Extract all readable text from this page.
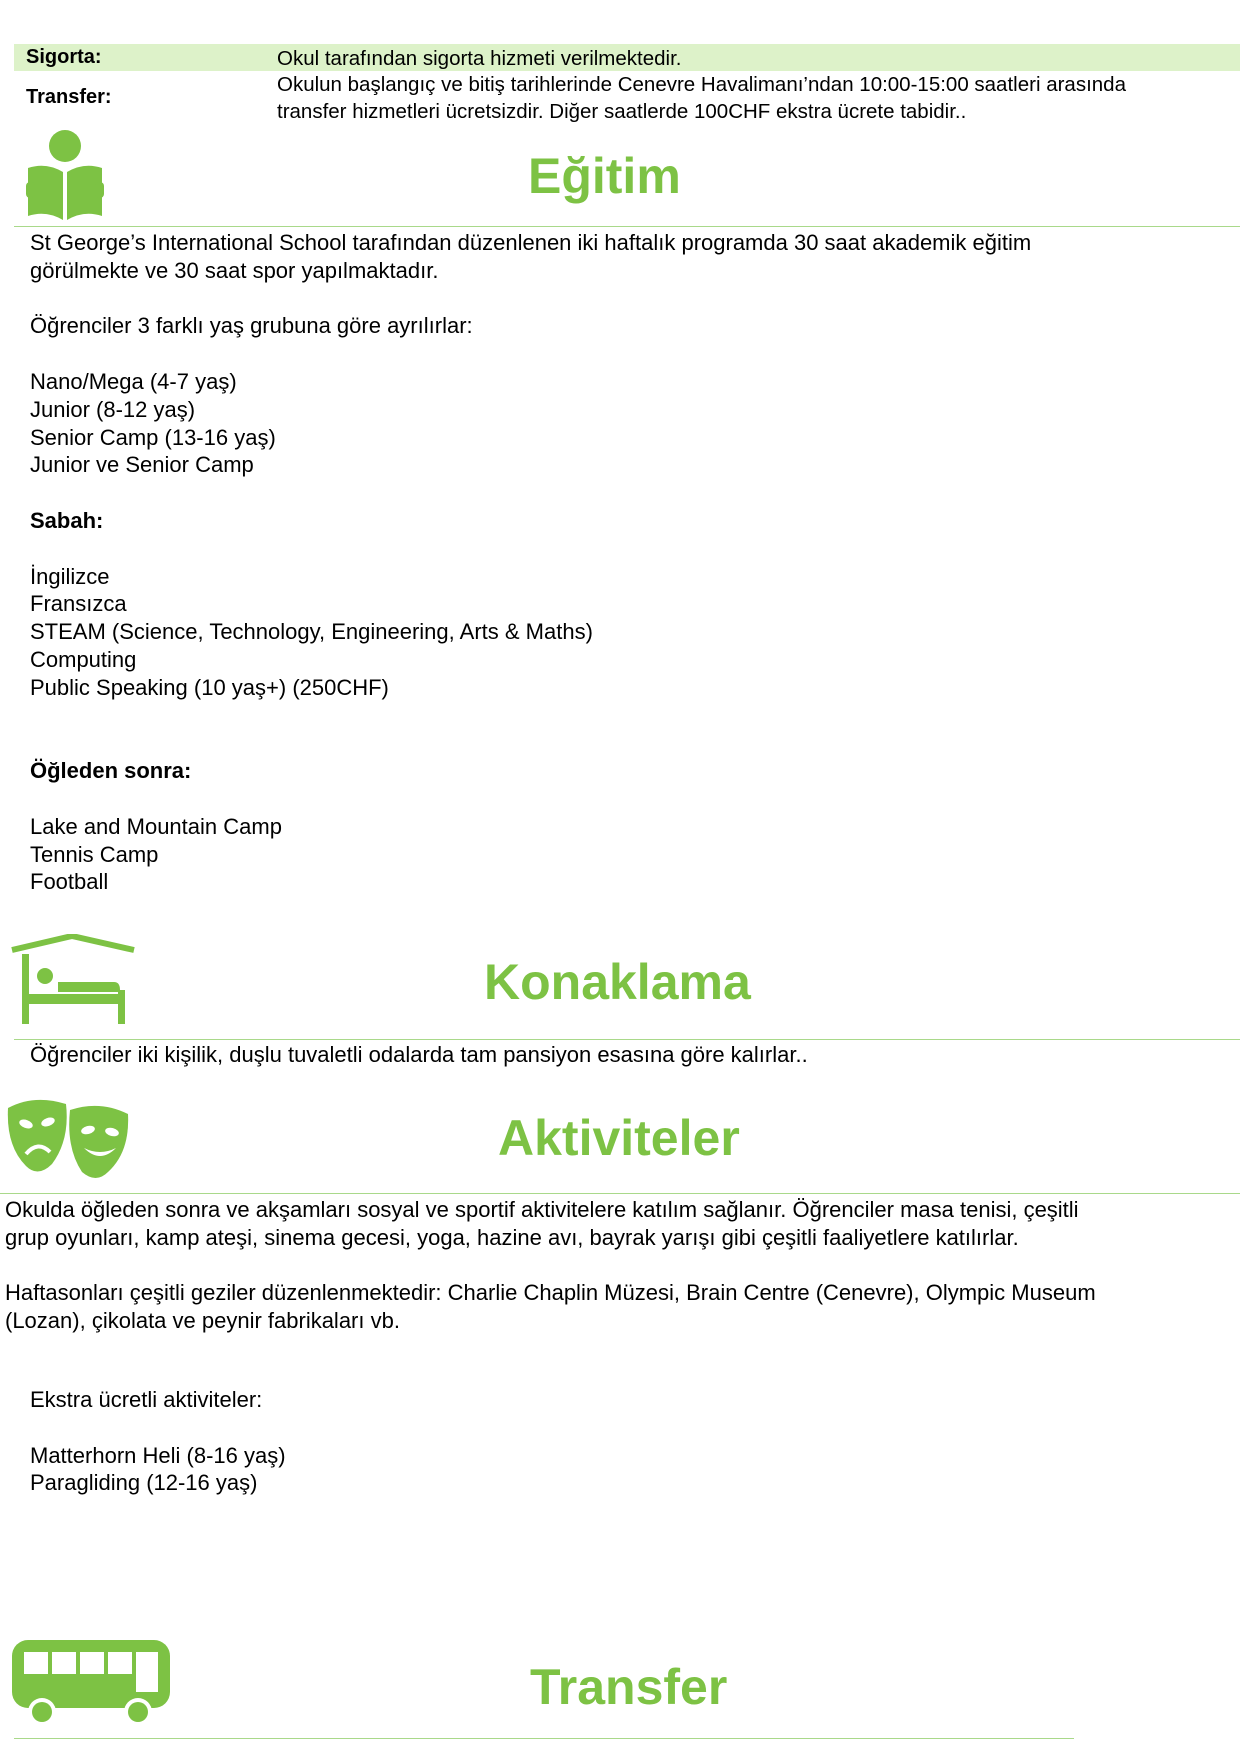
Sigorta:	Okul tarafından sigorta hizmeti verilmektedir.
Transfer:
Okulun başlangıç ve bitiş tarihlerinde Cenevre Havalimanı’ndan 10:00-15:00 saatleri arasında
transfer hizmetleri ücretsizdir. Diğer saatlerde 100CHF ekstra ücrete tabidir..
Eğitim

St George’s International School tarafından düzenlenen iki haftalık programda 30 saat akademik eğitim

görülmekte ve 30 saat spor yapılmaktadır.

Öğrenciler 3 farklı yaş grubuna göre ayrılırlar:

Nano/Mega (4-7 yaş)

Junior (8-12 yaş)

Senior Camp (13-16 yaş)

Junior ve Senior Camp

Sabah:

İngilizce

Fransızca

STEAM (Science, Technology, Engineering, Arts & Maths)

Computing

Public Speaking (10 yaş+) (250CHF)

Öğleden sonra:

Lake and Mountain Camp

Tennis Camp

Football

Konaklama
Öğrenciler iki kişilik, duşlu tuvaletli odalarda tam pansiyon esasına göre kalırlar..
Aktiviteler

Okulda öğleden sonra ve akşamları sosyal ve sportif aktivitelere katılım sağlanır. Öğrenciler masa tenisi, çeşitli

grup oyunları, kamp ateşi, sinema gecesi, yoga, hazine avı, bayrak yarışı gibi çeşitli faaliyetlere katılırlar.

Haftasonları çeşitli geziler düzenlenmektedir: Charlie Chaplin Müzesi, Brain Centre (Cenevre), Olympic Museum

(Lozan), çikolata ve peynir fabrikaları vb.

Ekstra ücretli aktiviteler:

Matterhorn Heli (8-16 yaş)

Paragliding (12-16 yaş)

Transfer
